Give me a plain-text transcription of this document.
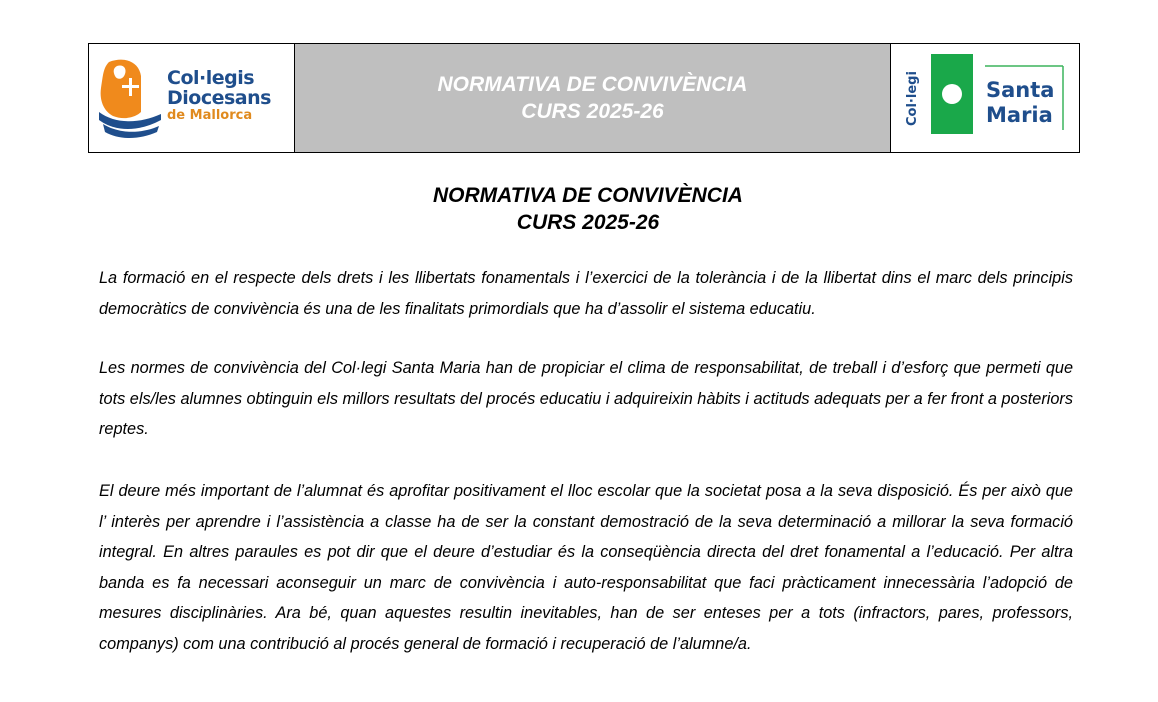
Col·legis
Diocesans
de Mallorca
NORMATIVA DE CONVIVÈNCIA
CURS 2025-26	Col·legi	Santa
Maria
NORMATIVA DE CONVIVÈNCIA
CURS 2025-26

La formació en el respecte dels drets i les llibertats fonamentals i l’exercici de la tolerància i de la llibertat dins el marc dels principis democràtics de convivència és una de les finalitats primordials que ha d’assolir el sistema educatiu.

Les normes de convivència del Col·legi Santa Maria han de propiciar el clima de responsabilitat, de treball i d’esforç que permeti que tots els/les alumnes obtinguin els millors resultats del procés educatiu i adquireixin hàbits i actituds adequats per a fer front a posteriors reptes.

El deure més important de l’alumnat és aprofitar positivament el lloc escolar que la societat posa a la seva disposició. És per això que l’ interès per aprendre i l’assistència a classe ha de ser la constant demostració de la seva determinació a millorar la seva formació integral. En altres paraules es pot dir que el deure d’estudiar és la conseqüència directa del dret fonamental a l’educació. Per altra banda es fa necessari aconseguir un marc de convivència i auto-responsabilitat que faci pràcticament innecessària l’adopció de mesures disciplinàries. Ara bé, quan aquestes resultin inevitables, han de ser enteses per a tots (infractors, pares, professors, companys) com una contribució al procés general de formació i recuperació de l’alumne/a.
